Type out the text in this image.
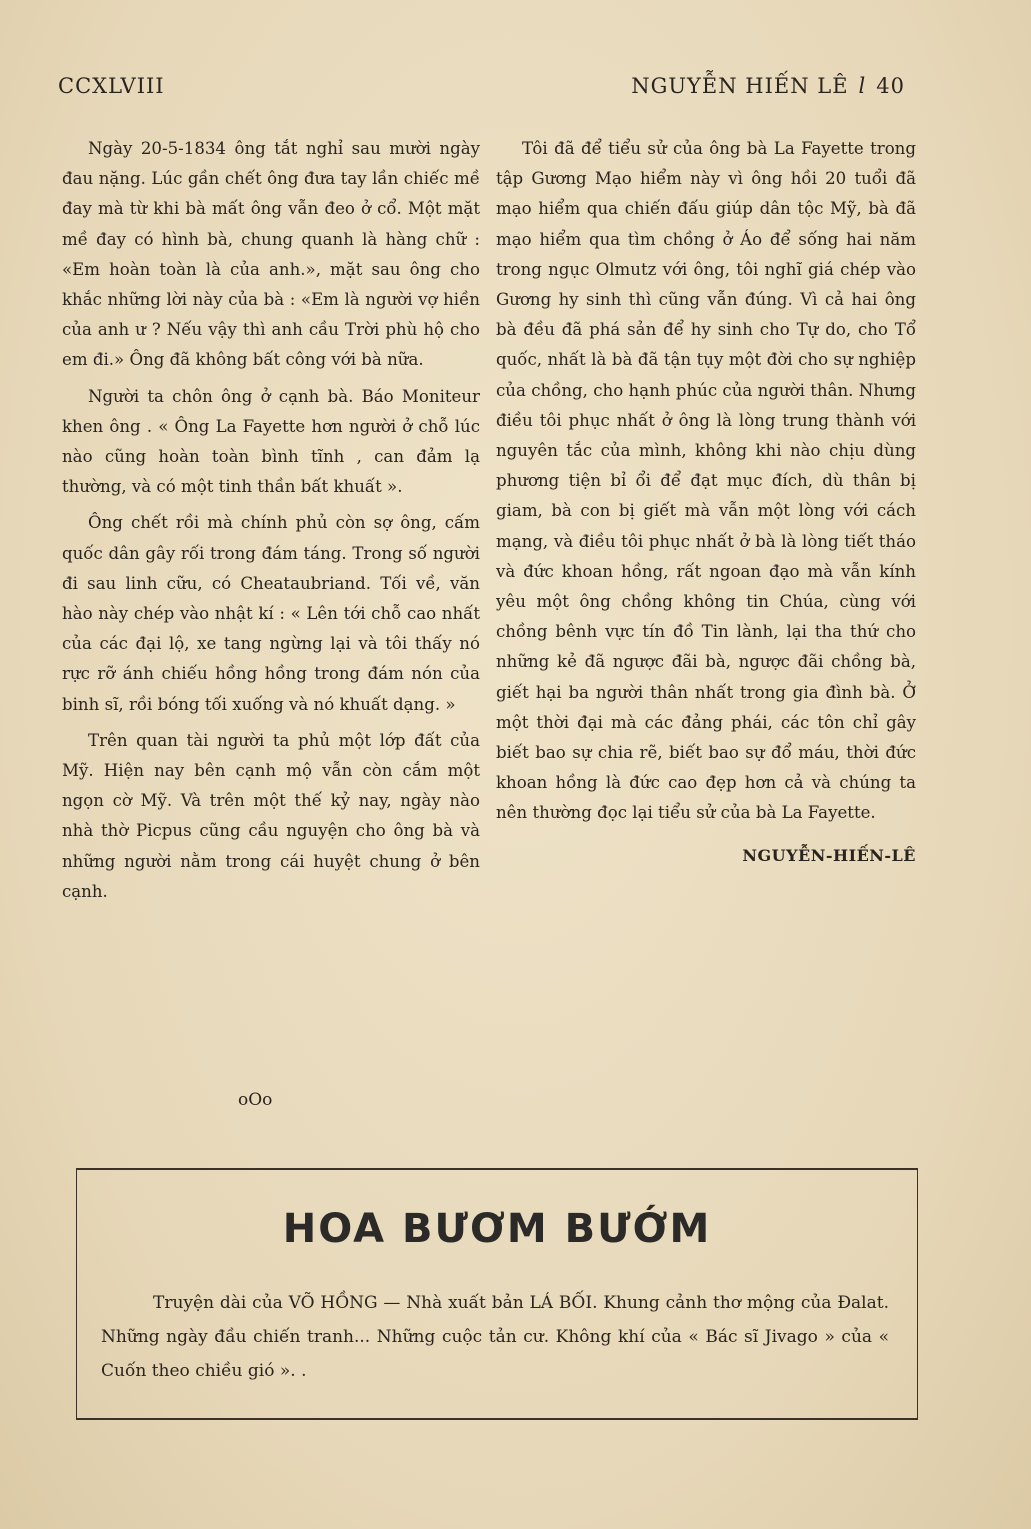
CCXLVIII	NGUYỄN HIẾN LÊ l 40

Ngày 20-5-1834 ông tắt nghỉ sau mười ngày đau nặng. Lúc gần chết ông đưa tay lần chiếc mề đay mà từ khi bà mất ông vẫn đeo ở cổ. Một mặt mề đay có hình bà, chung quanh là hàng chữ : «Em hoàn toàn là của anh.», mặt sau ông cho khắc những lời này của bà : «Em là người vợ hiền của anh ư ? Nếu vậy thì anh cầu Trời phù hộ cho em đi.» Ông đã không bất công với bà nữa.

Người ta chôn ông ở cạnh bà. Báo Moniteur khen ông . « Ông La Fayette hơn người ở chỗ lúc nào cũng hoàn toàn bình tĩnh , can đảm lạ thường, và có một tinh thần bất khuất ».

Ông chết rồi mà chính phủ còn sợ ông, cấm quốc dân gây rối trong đám táng. Trong số người đi sau linh cữu, có Cheataubriand. Tối về, văn hào này chép vào nhật kí : « Lên tới chỗ cao nhất của các đại lộ, xe tang ngừng lại và tôi thấy nó rực rỡ ánh chiếu hồng hồng trong đám nón của binh sĩ, rồi bóng tối xuống và nó khuất dạng. »

Trên quan tài người ta phủ một lớp đất của Mỹ. Hiện nay bên cạnh mộ vẫn còn cắm một ngọn cờ Mỹ. Và trên một thế kỷ nay, ngày nào nhà thờ Picpus cũng cầu nguyện cho ông bà và những người nằm trong cái huyệt chung ở bên cạnh.

oOo

Tôi đã để tiểu sử của ông bà La Fayette trong tập Gương Mạo hiểm này vì ông hồi 20 tuổi đã mạo hiểm qua chiến đấu giúp dân tộc Mỹ, bà đã mạo hiểm qua tìm chồng ở Áo để sống hai năm trong ngục Olmutz với ông, tôi nghĩ giá chép vào Gương hy sinh thì cũng vẫn đúng. Vì cả hai ông bà đều đã phá sản để hy sinh cho Tự do, cho Tổ quốc, nhất là bà đã tận tụy một đời cho sự nghiệp của chồng, cho hạnh phúc của người thân. Nhưng điều tôi phục nhất ở ông là lòng trung thành với nguyên tắc của mình, không khi nào chịu dùng phương tiện bỉ ổi để đạt mục đích, dù thân bị giam, bà con bị giết mà vẫn một lòng với cách mạng, và điều tôi phục nhất ở bà là lòng tiết tháo và đức khoan hồng, rất ngoan đạo mà vẫn kính yêu một ông chồng không tin Chúa, cùng với chồng bênh vực tín đồ Tin lành, lại tha thứ cho những kẻ đã ngược đãi bà, ngược đãi chồng bà, giết hại ba người thân nhất trong gia đình bà. Ở một thời đại mà các đảng phái, các tôn chỉ gây biết bao sự chia rẽ, biết bao sự đổ máu, thời đức khoan hồng là đức cao đẹp hơn cả và chúng ta nên thường đọc lại tiểu sử của bà La Fayette.

NGUYỄN-HIẾN-LÊ
HOA BƯƠM BƯỚM
Truyện dài của VÕ HỒNG — Nhà xuất bản LÁ BỐI. Khung cảnh thơ mộng của Đalat. Những ngày đầu chiến tranh... Những cuộc tản cư. Không khí của « Bác sĩ Jivago » của « Cuốn theo chiều gió ». .
